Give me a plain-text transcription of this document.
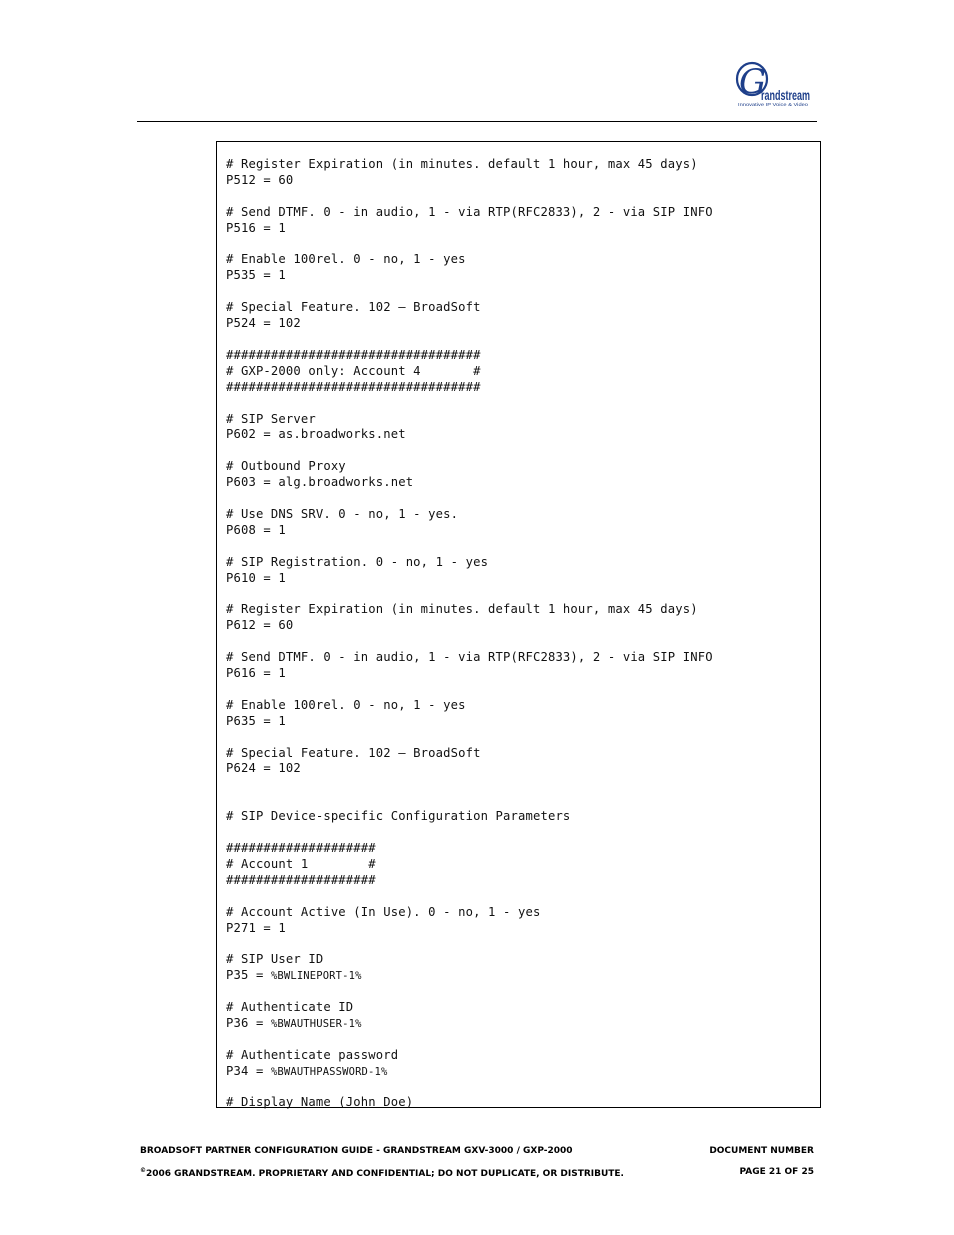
G
randstream
Innovative IP Voice & Video
# Register Expiration (in minutes. default 1 hour, max 45 days)
P512 = 60
# Send DTMF. 0 - in audio, 1 - via RTP(RFC2833), 2 - via SIP INFO
P516 = 1
# Enable 100rel. 0 - no, 1 - yes
P535 = 1
# Special Feature. 102 – BroadSoft
P524 = 102
##################################
# GXP-2000 only: Account 4       #
##################################
# SIP Server
P602 = as.broadworks.net
# Outbound Proxy
P603 = alg.broadworks.net
# Use DNS SRV. 0 - no, 1 - yes.
P608 = 1
# SIP Registration. 0 - no, 1 - yes
P610 = 1
# Register Expiration (in minutes. default 1 hour, max 45 days)
P612 = 60
# Send DTMF. 0 - in audio, 1 - via RTP(RFC2833), 2 - via SIP INFO
P616 = 1
# Enable 100rel. 0 - no, 1 - yes
P635 = 1
# Special Feature. 102 – BroadSoft
P624 = 102
# SIP Device-specific Configuration Parameters
####################
# Account 1        #
####################
# Account Active (In Use). 0 - no, 1 - yes
P271 = 1
# SIP User ID
P35 = %BWLINEPORT-1%
# Authenticate ID
P36 = %BWAUTHUSER-1%
# Authenticate password
P34 = %BWAUTHPASSWORD-1%
# Display Name (John Doe)
BROADSOFT PARTNER CONFIGURATION GUIDE - GRANDSTREAM GXV-3000 / GXP-2000	DOCUMENT NUMBER
©2006 GRANDSTREAM. PROPRIETARY AND CONFIDENTIAL; DO NOT DUPLICATE, OR DISTRIBUTE.	PAGE 21 OF 25
